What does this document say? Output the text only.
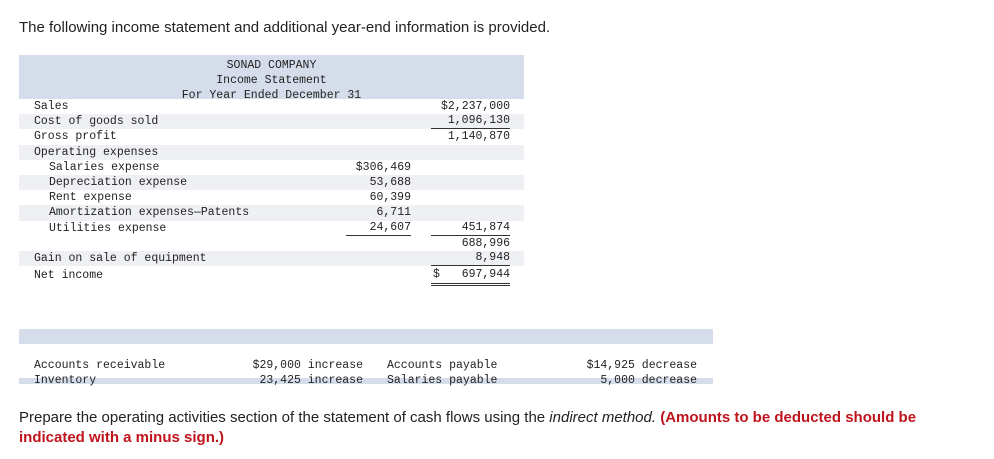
The following income statement and additional year-end information is provided.
SONAD COMPANY
Income Statement
For Year Ended December 31
Sales	$2,237,000
Cost of goods sold	1,096,130
Gross profit	1,140,870
Operating expenses
Salaries expense	$306,469
Depreciation expense	53,688
Rent expense	60,399
Amortization expenses—Patents	6,711
Utilities expense	24,607	451,874
688,996
Gain on sale of equipment	8,948
Net income	$ 697,944
Accounts receivable	$29,000 increase Accounts payable	$14,925 decrease
Inventory	23,425 increase Salaries payable	5,000 decrease
Prepare the operating activities section of the statement of cash flows using the indirect method. (Amounts to be deducted should be indicated with a minus sign.)
